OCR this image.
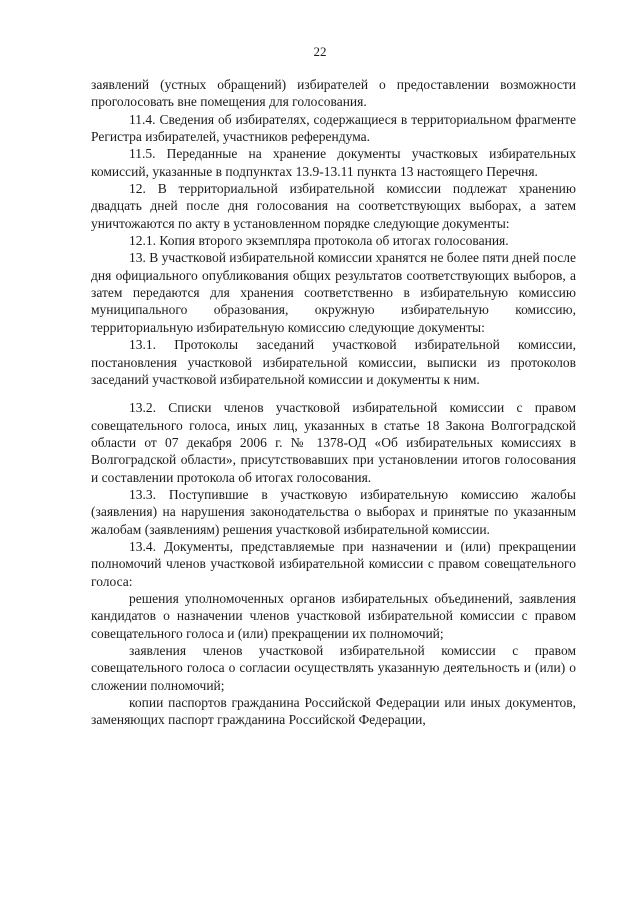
22

заявлений (устных обращений) избирателей о предоставлении возможности проголосовать вне помещения для голосования.

11.4. Сведения об избирателях, содержащиеся в территориальном фрагменте Регистра избирателей, участников референдума.

11.5. Переданные на хранение документы участковых избирательных комиссий, указанные в подпунктах 13.9-13.11 пункта 13 настоящего Перечня.

12. В территориальной избирательной комиссии подлежат хранению двадцать дней после дня голосования на соответствующих выборах, а затем уничтожаются по акту в установленном порядке следующие документы:

12.1. Копия второго экземпляра протокола об итогах голосования.

13. В участковой избирательной комиссии хранятся не более пяти дней после дня официального опубликования общих результатов соответствующих выборов, а затем передаются для хранения соответственно в избирательную комиссию муниципального образования, окружную избирательную комиссию, территориальную избирательную комиссию следующие документы:

13.1. Протоколы заседаний участковой избирательной комиссии, постановления участковой избирательной комиссии, выписки из протоколов заседаний участковой избирательной комиссии и документы к ним.

13.2. Списки членов участковой избирательной комиссии с правом совещательного голоса, иных лиц, указанных в статье 18 Закона Волгоградской области от 07 декабря 2006 г. № 1378-ОД «Об избирательных комиссиях в Волгоградской области», присутствовавших при установлении итогов голосования и составлении протокола об итогах голосования.

13.3. Поступившие в участковую избирательную комиссию жалобы (заявления) на нарушения законодательства о выборах и принятые по указанным жалобам (заявлениям) решения участковой избирательной комиссии.

13.4. Документы, представляемые при назначении и (или) прекращении полномочий членов участковой избирательной комиссии с правом совещательного голоса:

решения уполномоченных органов избирательных объединений, заявления кандидатов о назначении членов участковой избирательной комиссии с правом совещательного голоса и (или) прекращении их полномочий;

заявления членов участковой избирательной комиссии с правом совещательного голоса о согласии осуществлять указанную деятельность и (или) о сложении полномочий;

копии паспортов гражданина Российской Федерации или иных документов, заменяющих паспорт гражданина Российской Федерации,
